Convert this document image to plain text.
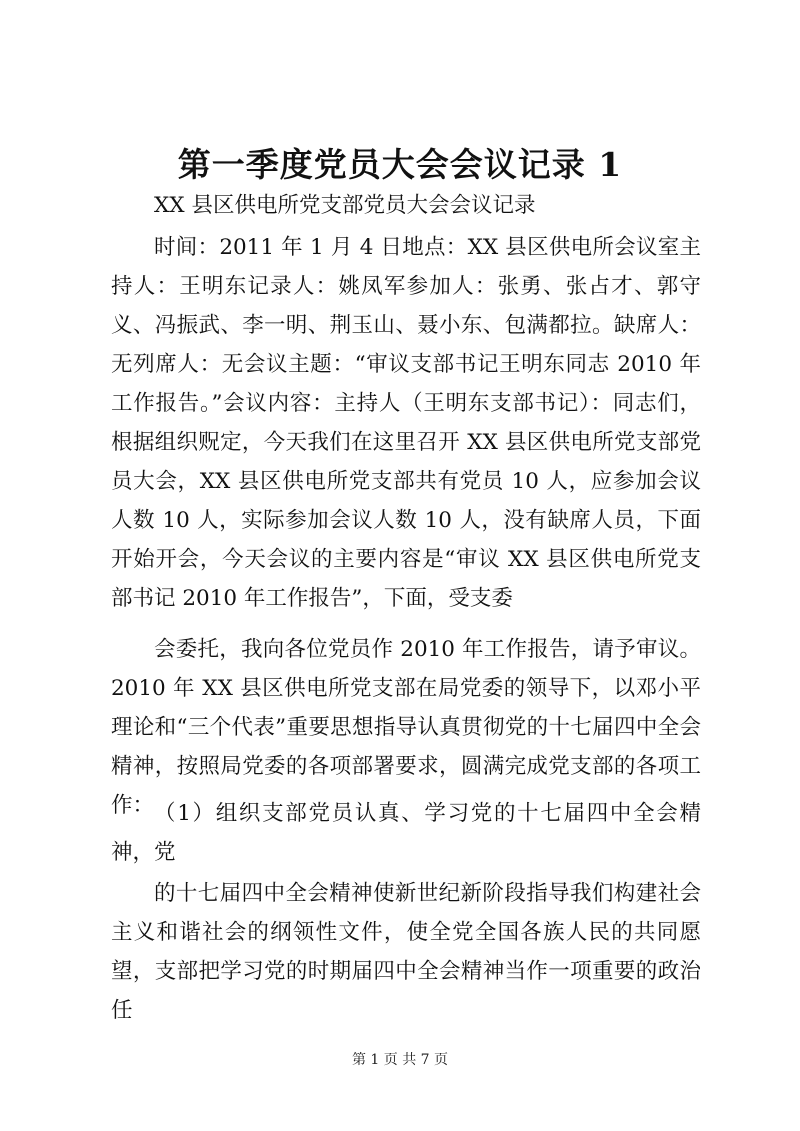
第一季度党员大会会议记录 1

XX 县区供电所党支部党员大会会议记录

时间：2011 年 1 月 4 日地点：XX 县区供电所会议室主持人：王明东记录人：姚凤军参加人：张勇、张占才、郭守义、冯振武、李一明、荆玉山、聂小东、包满都拉。缺席人：无列席人：无会议主题：“审议支部书记王明东同志 2010 年工作报告。”会议内容：主持人（王明东支部书记）：同志们，根据组织贶定，今天我们在这里召开 XX 县区供电所党支部党员大会，XX 县区供电所党支部共有党员 10 人，应参加会议人数 10 人，实际参加会议人数 10 人，没有缺席人员，下面开始开会，今天会议的主要内容是“审议 XX 县区供电所党支部书记 2010 年工作报告”，下面，受支委

会委托，我向各位党员作 2010 年工作报告，请予审议。2010 年 XX 县区供电所党支部在局党委的领导下，以邓小平理论和“三个代表”重要思想指导认真贯彻党的十七届四中全会精神，按照局党委的各项部署要求，圆满完成党支部的各项工作： （1）组织支部党员认真、学习党的十七届四中全会精神，党

的十七届四中全会精神使新世纪新阶段指导我们构建社会主义和谐社会的纲领性文件，使全党全国各族人民的共同愿望，支部把学习党的时期届四中全会精神当作一项重要的政治任

第 1 页 共 7 页
